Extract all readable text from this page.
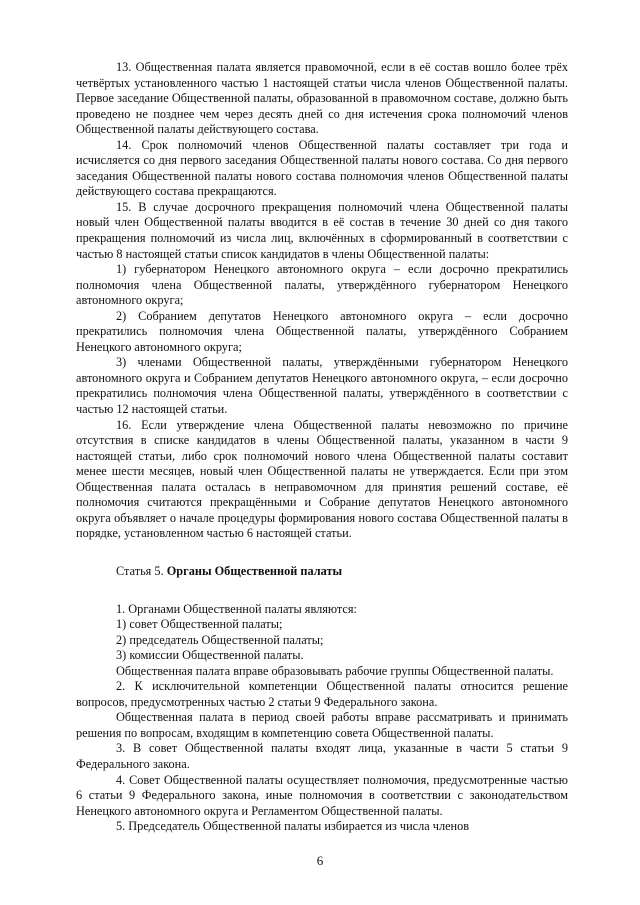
13. Общественная палата является правомочной, если в её состав вошло более трёх четвёртых установленного частью 1 настоящей статьи числа членов Общественной палаты. Первое заседание Общественной палаты, образованной в правомочном составе, должно быть проведено не позднее чем через десять дней со дня истечения срока полномочий членов Общественной палаты действующего состава.

14. Срок полномочий членов Общественной палаты составляет три года и исчисляется со дня первого заседания Общественной палаты нового состава. Со дня первого заседания Общественной палаты нового состава полномочия членов Общественной палаты действующего состава прекращаются.

15. В случае досрочного прекращения полномочий члена Общественной палаты новый член Общественной палаты вводится в её состав в течение 30 дней со дня такого прекращения полномочий из числа лиц, включённых в сформированный в соответствии с частью 8 настоящей статьи список кандидатов в члены Общественной палаты:

1) губернатором Ненецкого автономного округа – если досрочно прекратились полномочия члена Общественной палаты, утверждённого губернатором Ненецкого автономного округа;

2) Собранием депутатов Ненецкого автономного округа – если досрочно прекратились полномочия члена Общественной палаты, утверждённого Собранием Ненецкого автономного округа;

3) членами Общественной палаты, утверждёнными губернатором Ненецкого автономного округа и Собранием депутатов Ненецкого автономного округа, – если досрочно прекратились полномочия члена Общественной палаты, утверждённого в соответствии с частью 12 настоящей статьи.

16. Если утверждение члена Общественной палаты невозможно по причине отсутствия в списке кандидатов в члены Общественной палаты, указанном в части 9 настоящей статьи, либо срок полномочий нового члена Общественной палаты составит менее шести месяцев, новый член Общественной палаты не утверждается. Если при этом Общественная палата осталась в неправомочном для принятия решений составе, её полномочия считаются прекращёнными и Собрание депутатов Ненецкого автономного округа объявляет о начале процедуры формирования нового состава Общественной палаты в порядке, установленном частью 6 настоящей статьи.

Статья 5. Органы Общественной палаты

1. Органами Общественной палаты являются:

1) совет Общественной палаты;

2) председатель Общественной палаты;

3) комиссии Общественной палаты.

Общественная палата вправе образовывать рабочие группы Общественной палаты.

2. К исключительной компетенции Общественной палаты относится решение вопросов, предусмотренных частью 2 статьи 9 Федерального закона.

Общественная палата в период своей работы вправе рассматривать и принимать решения по вопросам, входящим в компетенцию совета Общественной палаты.

3. В совет Общественной палаты входят лица, указанные в части 5 статьи 9 Федерального закона.

4. Совет Общественной палаты осуществляет полномочия, предусмотренные частью 6 статьи 9 Федерального закона, иные полномочия в соответствии с законодательством Ненецкого автономного округа и Регламентом Общественной палаты.

5. Председатель Общественной палаты избирается из числа членов

6
